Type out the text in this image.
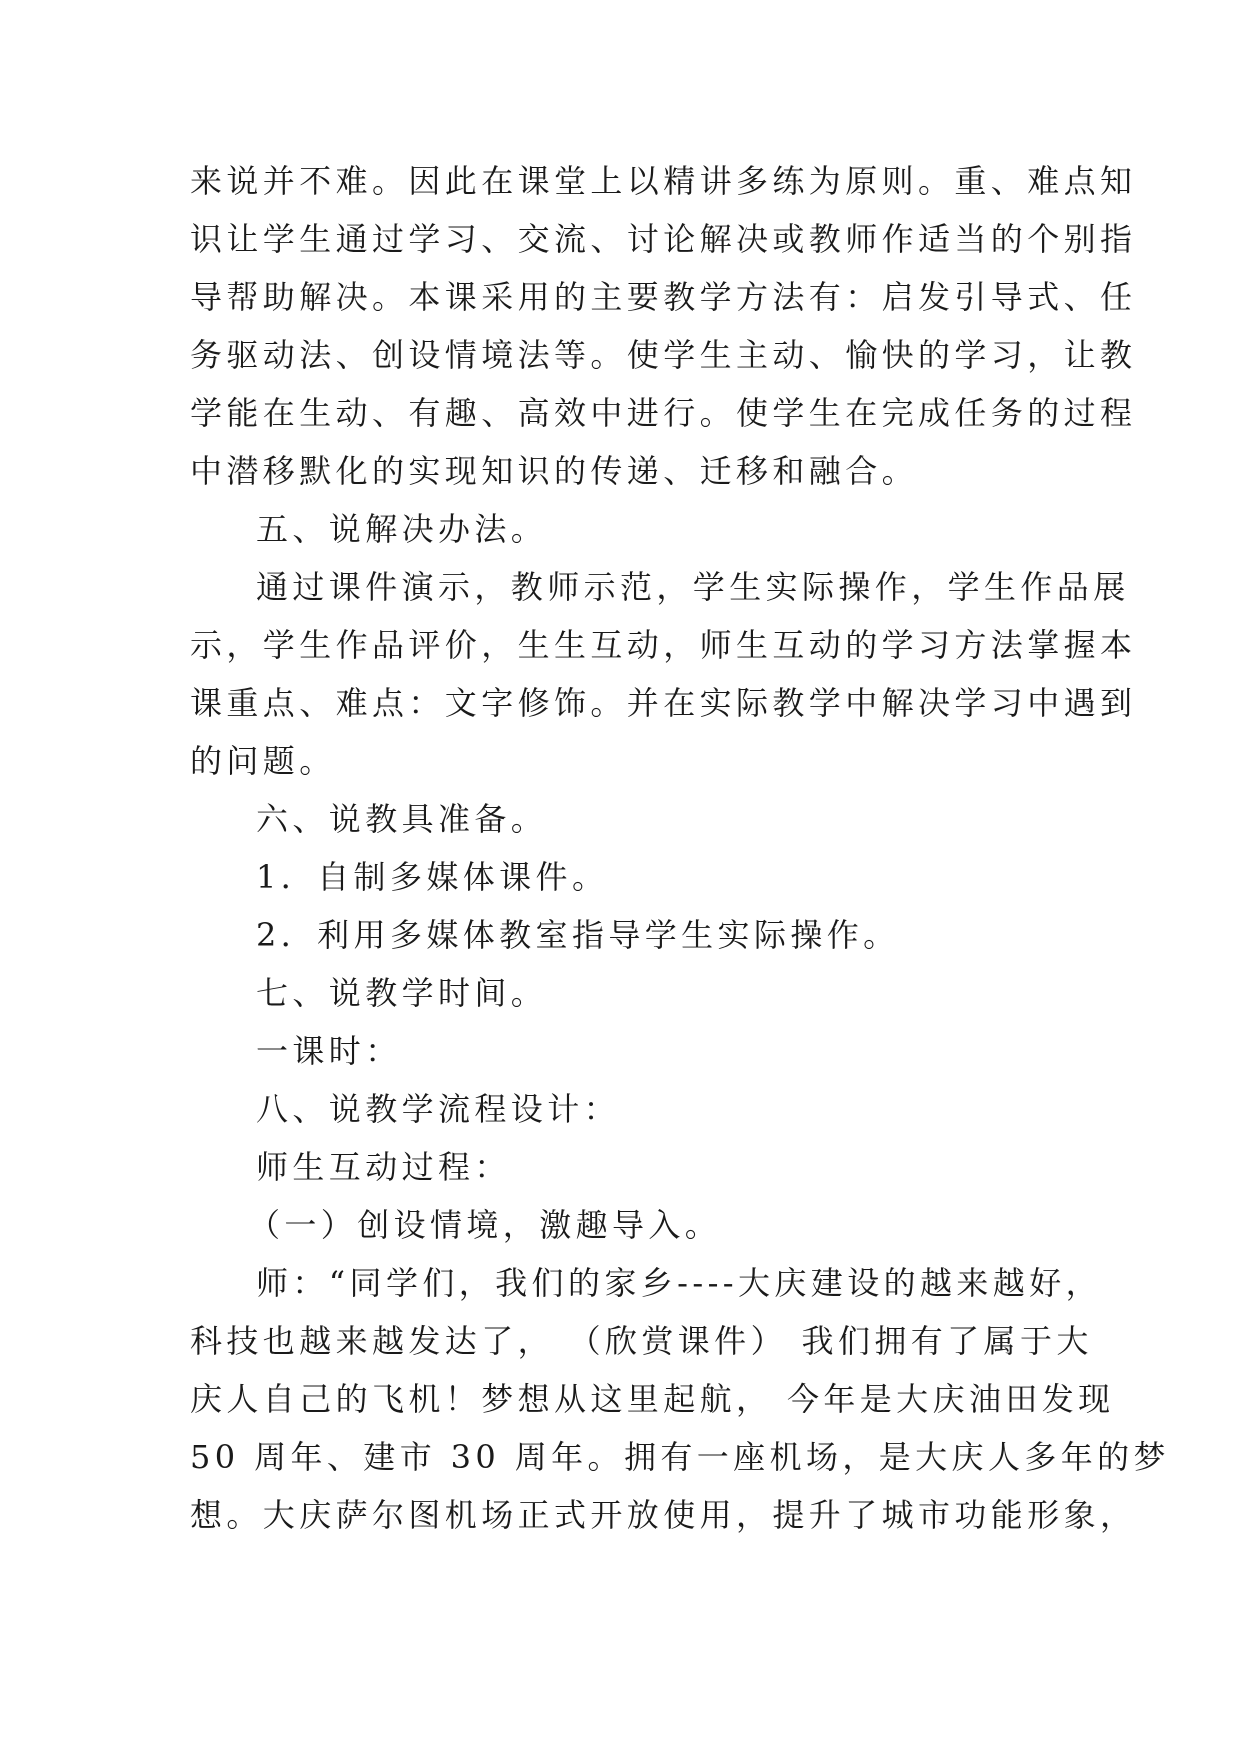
来说并不难。因此在课堂上以精讲多练为原则。重、难点知
识让学生通过学习、交流、讨论解决或教师作适当的个别指
导帮助解决。本课采用的主要教学方法有：启发引导式、任
务驱动法、创设情境法等。使学生主动、愉快的学习，让教
学能在生动、有趣、高效中进行。使学生在完成任务的过程
中潜移默化的实现知识的传递、迁移和融合。
五、说解决办法。
通过课件演示，教师示范，学生实际操作，学生作品展
示，学生作品评价，生生互动，师生互动的学习方法掌握本
课重点、难点：文字修饰。并在实际教学中解决学习中遇到
的问题。
六、说教具准备。
1．自制多媒体课件。
2．利用多媒体教室指导学生实际操作。
七、说教学时间。
一课时：
八、说教学流程设计：
师生互动过程：
（一）创设情境，激趣导入。
师：“同学们，我们的家乡----大庆建设的越来越好，
科技也越来越发达了， （欣赏课件） 我们拥有了属于大
庆人自己的飞机！梦想从这里起航， 今年是大庆油田发现
50 周年、建市 30 周年。拥有一座机场，是大庆人多年的梦
想。大庆萨尔图机场正式开放使用，提升了城市功能形象，
